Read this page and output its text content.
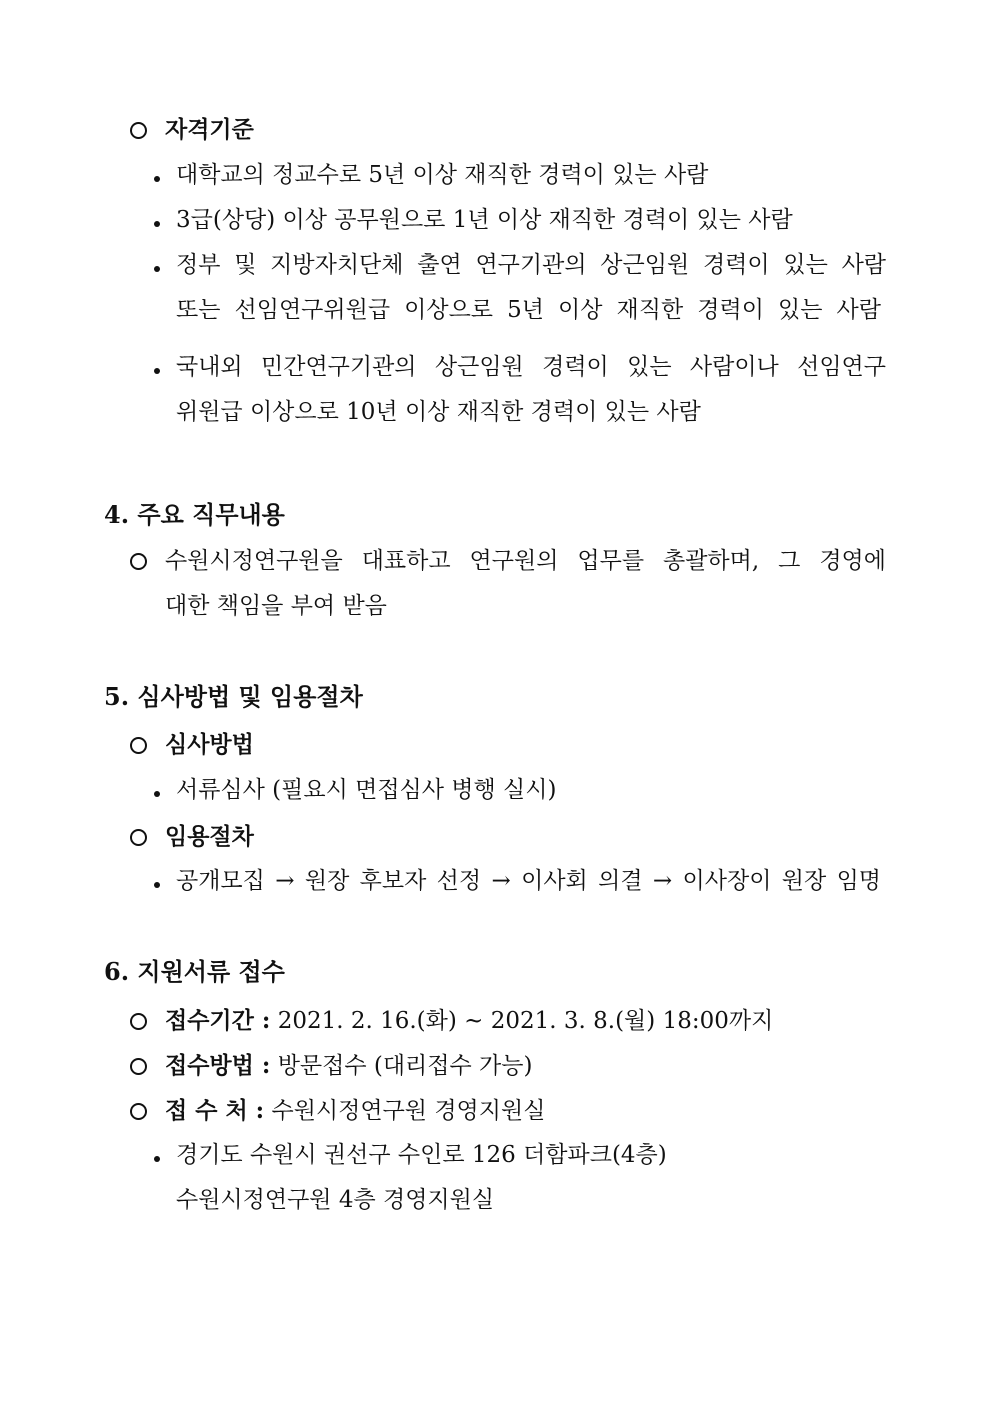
자격기준
대학교의 정교수로 5년 이상 재직한 경력이 있는 사람
3급(상당) 이상 공무원으로 1년 이상 재직한 경력이 있는 사람
정부 및 지방자치단체 출연 연구기관의 상근임원 경력이 있는 사람
또는 선임연구위원급 이상으로 5년 이상 재직한 경력이 있는 사람
국내외 민간연구기관의 상근임원 경력이 있는 사람이나 선임연구
위원급 이상으로 10년 이상 재직한 경력이 있는 사람
4. 주요 직무내용
수원시정연구원을 대표하고 연구원의 업무를 총괄하며, 그 경영에
대한 책임을 부여 받음
5. 심사방법 및 임용절차
심사방법
서류심사 (필요시 면접심사 병행 실시)
임용절차
공개모집 → 원장 후보자 선정 → 이사회 의결 → 이사장이 원장 임명
6. 지원서류 접수
접수기간 : 2021. 2. 16.(화) ~ 2021. 3. 8.(월) 18:00까지
접수방법 : 방문접수 (대리접수 가능)
접 수 처 : 수원시정연구원 경영지원실
경기도 수원시 권선구 수인로 126 더함파크(4층)
수원시정연구원 4층 경영지원실
